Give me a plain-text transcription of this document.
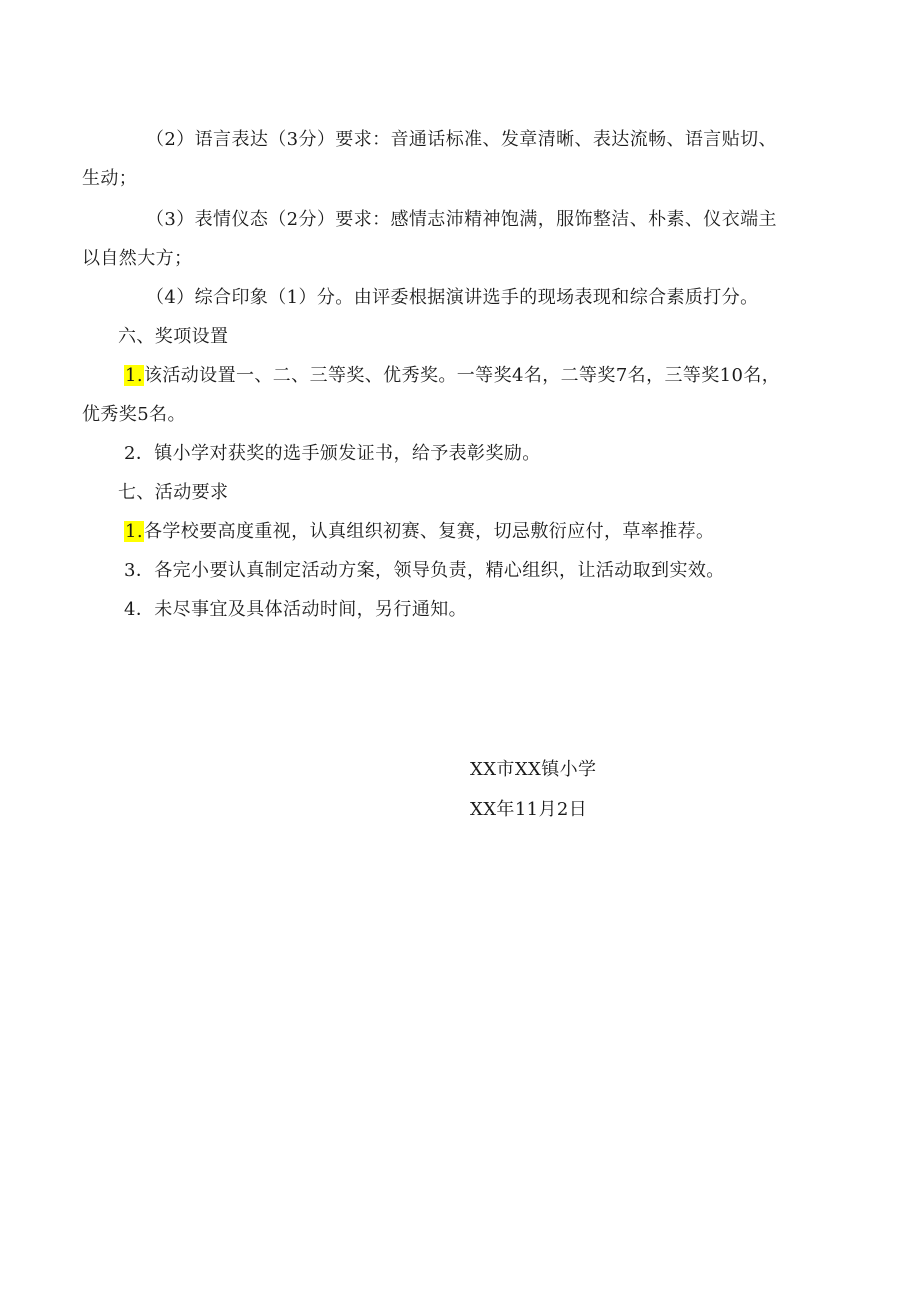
（2）语言表达（3分）要求：音通话标准、发章清晰、表达流畅、语言贴切、
生动；
（3）表情仪态（2分）要求：感情志沛精神饱满，服饰整洁、朴素、仪衣端主
以自然大方；
（4）综合印象（1）分。由评委根据演讲选手的现场表现和综合素质打分。
六、奖项设置
1.该活动设置一、二、三等奖、优秀奖。一等奖4名，二等奖7名，三等奖10名，
优秀奖5名。
2．镇小学对获奖的选手颁发证书，给予表彰奖励。
七、活动要求
1.各学校要高度重视，认真组织初赛、复赛，切忌敷衍应付，草率推荐。
3．各完小要认真制定活动方案，领导负责，精心组织，让活动取到实效。
4．未尽事宜及具体活动时间，另行通知。
XX市XX镇小学
XX年11月2日
